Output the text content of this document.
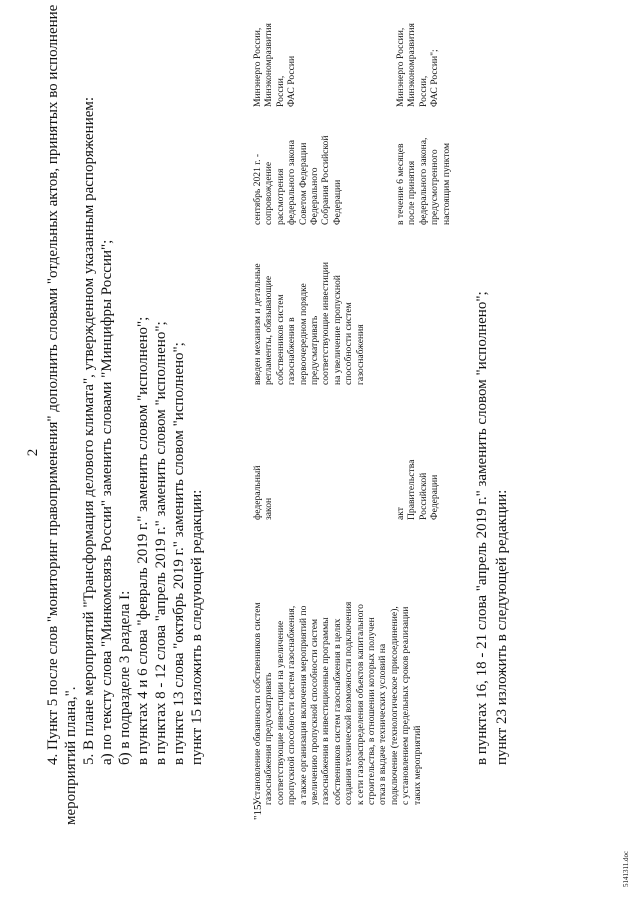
2 4. Пункт 5 после слов "мониторинг правоприменения" дополнить словами "отдельных актов, принятых во исполнение мероприятий плана,". 5. В плане мероприятий "Трансформация делового климата", утвержденном указанным распоряжением: а) по тексту слова "Минкомсвязь России" заменить словами "Минцифры России"; б) в подразделе 3 раздела I: в пунктах 4 и 6 слова "февраль 2019 г." заменить словом "исполнено"; в пунктах 8 - 12 слова "апрель 2019 г." заменить словом "исполнено"; в пункте 13 слова "октябрь 2019 г." заменить словом "исполнено"; пункт 15 изложить в следующей редакции:
"15.
Установление обязанности собственников систем
газоснабжения предусматривать
соответствующие инвестиции на увеличение
пропускной способности систем газоснабжения,
а также организация включения мероприятий по
увеличению пропускной способности систем
газоснабжения в инвестиционные программы
собственников систем газоснабжения в целях
создания технической возможности подключения
к сети газораспределения объектов капитального
строительства, в отношении которых получен
отказ в выдаче технических условий на
подключение (технологическое присоединение),
с установлением предельных сроков реализации
таких мероприятий
федеральный
закон
введен механизм и детальные
регламенты, обязывающие
собственников систем
газоснабжения в
первоочередном порядке
предусматривать
соответствующие инвестиции
на увеличение пропускной
способности систем
газоснабжения
сентябрь 2021 г. -
сопровождение
рассмотрения
федерального закона
Советом Федерации
Федерального
Собрания Российской
Федерации
Минэнерго России,
Минэкономразвития
России,
ФАС России
акт
Правительства
Российской
Федерации
в течение 6 месяцев
после принятия
федерального закона,
предусмотренного
настоящим пунктом
Минэнерго России,
Минэкономразвития
России,
ФАС России";
в пунктах 16, 18 - 21 слова "апрель 2019 г." заменить словом "исполнено"; пункт 23 изложить в следующей редакции:
5141311.doc
